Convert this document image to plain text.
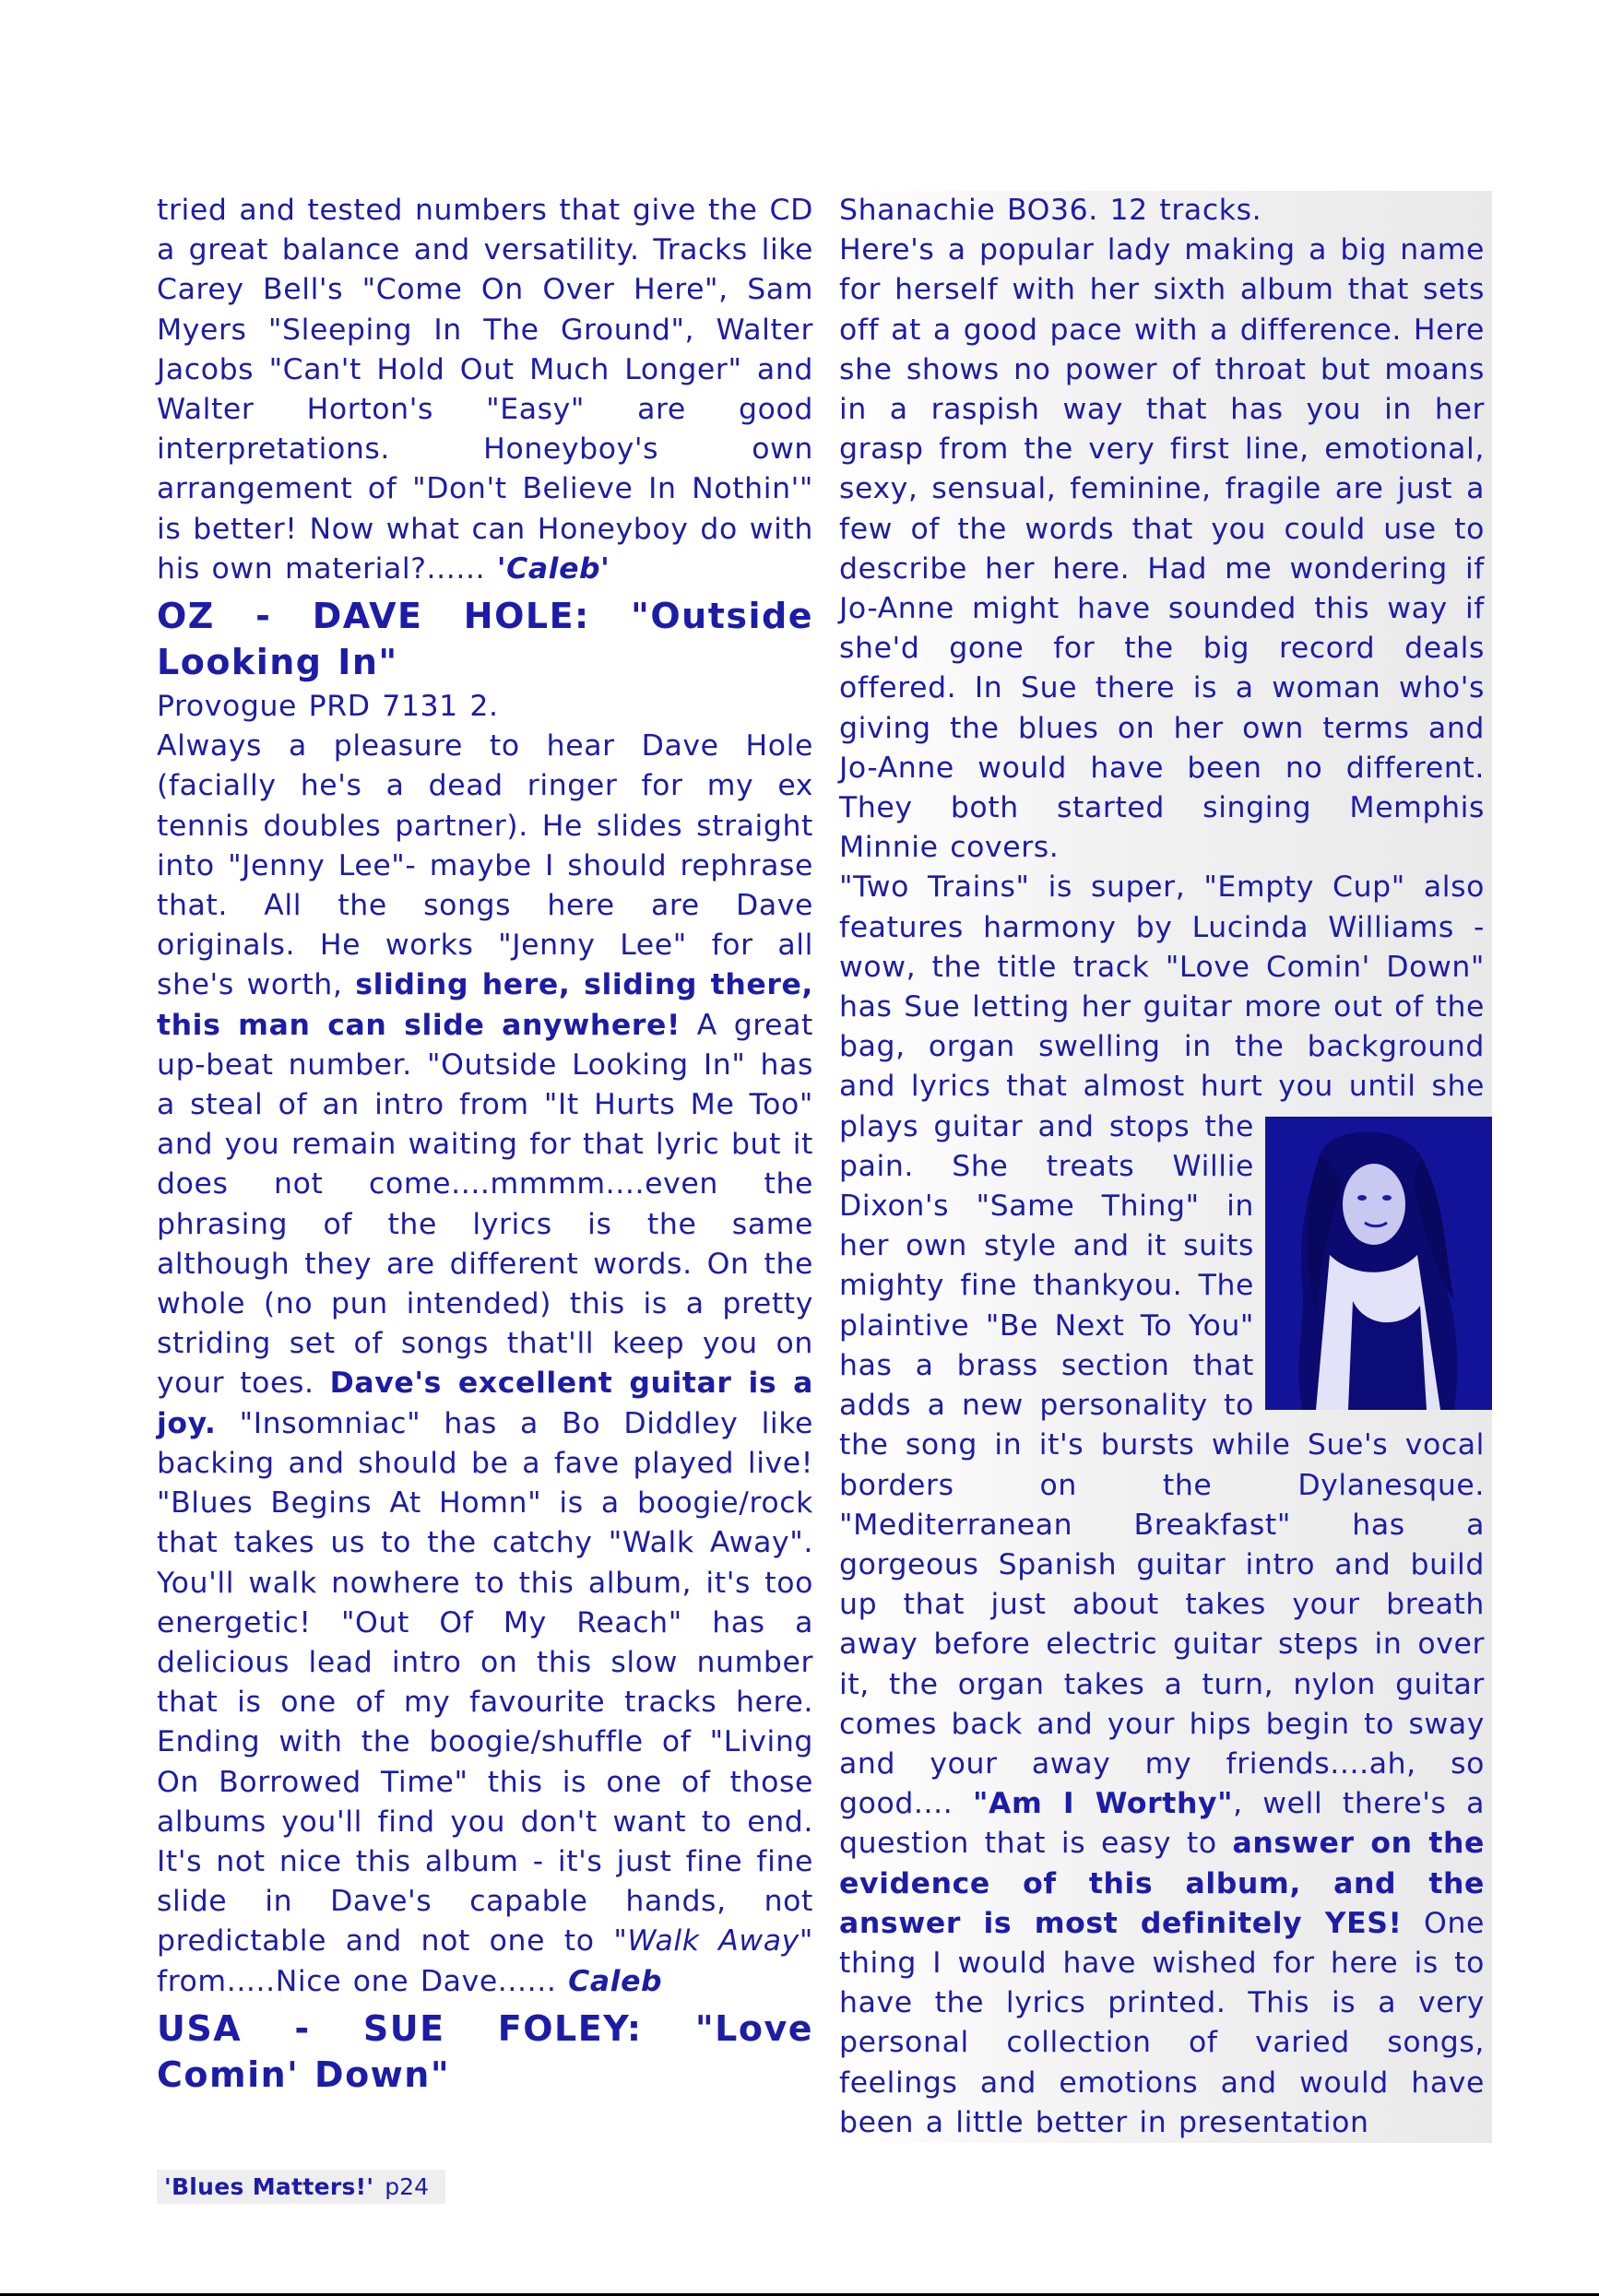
tried and tested numbers that give the CD a great balance and versatility. Tracks like Carey Bell's "Come On Over Here", Sam Myers "Sleeping In The Ground", Walter Jacobs "Can't Hold Out Much Longer" and Walter Horton's "Easy" are good interpretations. Honeyboy's own arrangement of "Don't Believe In Nothin'" is better! Now what can Honeyboy do with his own material?...... 'Caleb'

OZ - DAVE HOLE: "Outside Looking In"

Provogue PRD 7131 2.

Always a pleasure to hear Dave Hole (facially he's a dead ringer for my ex tennis doubles partner). He slides straight into "Jenny Lee"- maybe I should rephrase that. All the songs here are Dave originals. He works "Jenny Lee" for all she's worth, sliding here, sliding there, this man can slide anywhere! A great up-beat number. "Outside Looking In" has a steal of an intro from "It Hurts Me Too" and you remain waiting for that lyric but it does not come....mmmm....even the phrasing of the lyrics is the same although they are different words. On the whole (no pun intended) this is a pretty striding set of songs that'll keep you on your toes. Dave's excellent guitar is a joy. "Insomniac" has a Bo Diddley like backing and should be a fave played live! "Blues Begins At Homn" is a boogie/rock that takes us to the catchy "Walk Away". You'll walk nowhere to this album, it's too energetic! "Out Of My Reach" has a delicious lead intro on this slow number that is one of my favourite tracks here. Ending with the boogie/shuffle of "Living On Borrowed Time" this is one of those albums you'll find you don't want to end. It's not nice this album - it's just fine fine slide in Dave's capable hands, not predictable and not one to "Walk Away" from.....Nice one Dave...... Caleb

USA - SUE FOLEY: "Love Comin' Down"

Shanachie BO36. 12 tracks.

Here's a popular lady making a big name for herself with her sixth album that sets off at a good pace with a difference. Here she shows no power of throat but moans in a raspish way that has you in her grasp from the very first line, emotional, sexy, sensual, feminine, fragile are just a few of the words that you could use to describe her here. Had me wondering if Jo-Anne might have sounded this way if she'd gone for the big record deals offered. In Sue there is a woman who's giving the blues on her own terms and Jo-Anne would have been no different. They both started singing Memphis Minnie covers.

"Two Trains" is super, "Empty Cup" also features harmony by Lucinda Williams - wow, the title track "Love Comin' Down" has Sue letting her guitar more out of the bag, organ swelling in the background and lyrics that almost hurt you until she plays guitar and stops the pain. She treats Willie Dixon's "Same Thing" in her own style and it suits mighty fine thankyou. The plaintive "Be Next To You" has a brass section that adds a new personality to the song in it's bursts while Sue's vocal borders on the Dylanesque. "Mediterranean Breakfast" has a gorgeous Spanish guitar intro and build up that just about takes your breath away before electric guitar steps in over it, the organ takes a turn, nylon guitar comes back and your hips begin to sway and your away my friends....ah, so good.... "Am I Worthy", well there's a question that is easy to answer on the evidence of this album, and the answer is most definitely YES! One thing I would have wished for here is to have the lyrics printed. This is a very personal collection of varied songs, feelings and emotions and would have been a little better in presentation

'Blues Matters!' p24
